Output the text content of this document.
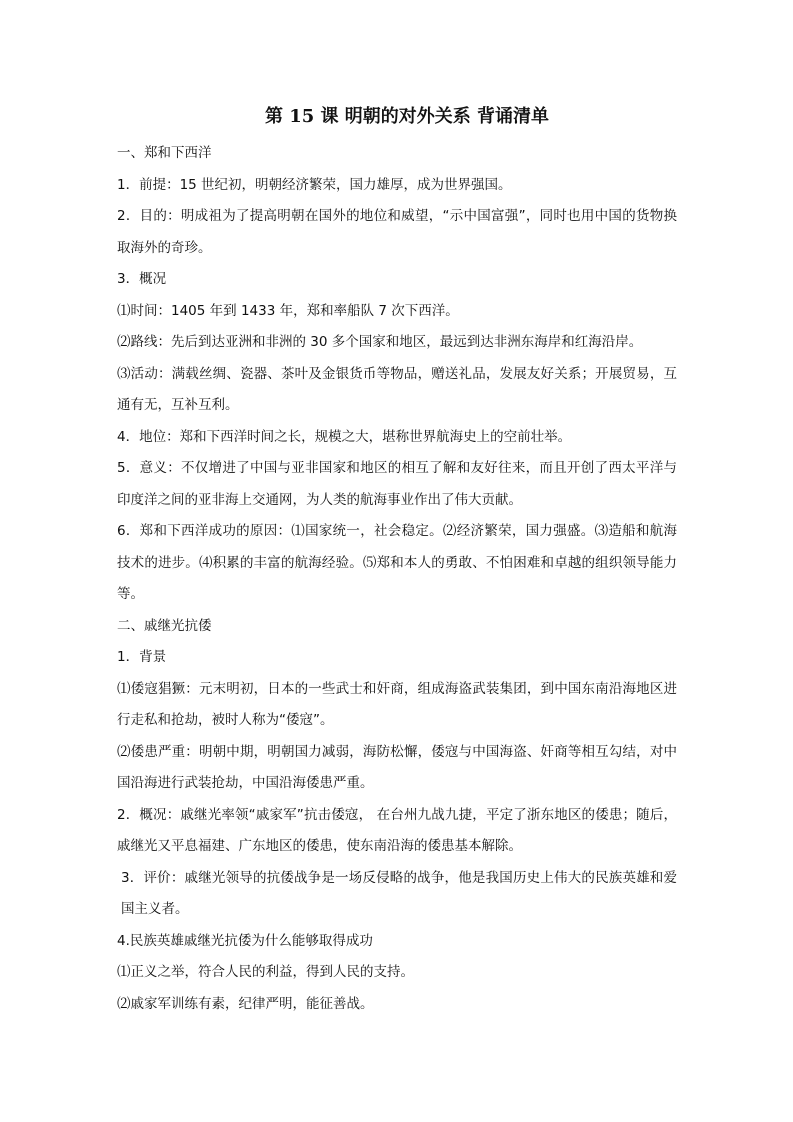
第 15 课 明朝的对外关系 背诵清单

一、郑和下西洋

1．前提：15 世纪初，明朝经济繁荣，国力雄厚，成为世界强国。

2．目的：明成祖为了提高明朝在国外的地位和威望，“示中国富强”，同时也用中国的货物换取海外的奇珍。

3．概况

⑴时间：1405 年到 1433 年，郑和率船队 7 次下西洋。

⑵路线：先后到达亚洲和非洲的 30 多个国家和地区，最远到达非洲东海岸和红海沿岸。

⑶活动：满载丝绸、瓷器、茶叶及金银货币等物品，赠送礼品，发展友好关系；开展贸易，互通有无，互补互利。

4．地位：郑和下西洋时间之长，规模之大，堪称世界航海史上的空前壮举。

5．意义：不仅增进了中国与亚非国家和地区的相互了解和友好往来，而且开创了西太平洋与印度洋之间的亚非海上交通网，为人类的航海事业作出了伟大贡献。

6．郑和下西洋成功的原因：⑴国家统一，社会稳定。⑵经济繁荣，国力强盛。⑶造船和航海技术的进步。⑷积累的丰富的航海经验。⑸郑和本人的勇敢、不怕困难和卓越的组织领导能力等。

二、戚继光抗倭

1．背景

⑴倭寇猖獗：元末明初，日本的一些武士和奸商，组成海盗武装集团，到中国东南沿海地区进行走私和抢劫，被时人称为“倭寇”。

⑵倭患严重：明朝中期，明朝国力减弱，海防松懈，倭寇与中国海盗、奸商等相互勾结，对中国沿海进行武装抢劫，中国沿海倭患严重。

2．概况：戚继光率领“戚家军”抗击倭寇， 在台州九战九捷，平定了浙东地区的倭患；随后，戚继光又平息福建、广东地区的倭患，使东南沿海的倭患基本解除。

3．评价：戚继光领导的抗倭战争是一场反侵略的战争，他是我国历史上伟大的民族英雄和爱国主义者。

4.民族英雄戚继光抗倭为什么能够取得成功

⑴正义之举，符合人民的利益，得到人民的支持。

⑵戚家军训练有素，纪律严明，能征善战。
